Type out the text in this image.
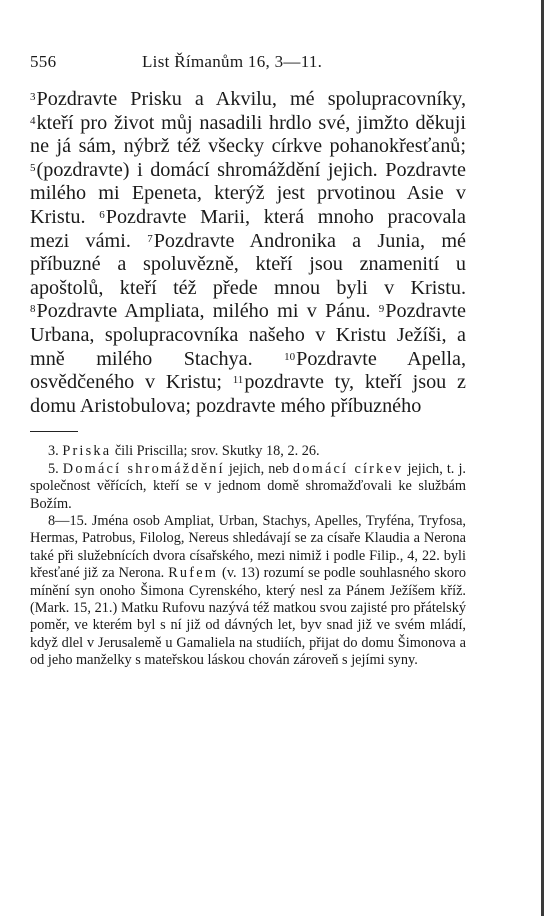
556	List Římanům 16, 3—11.

$^3$Pozdravte Prisku a Akvilu, mé spolupracovníky, $^4$kteří pro život můj nasadili hrdlo své, jimžto děkuji ne já sám, nýbrž též všecky církve pohanokřesťanů; $^5$(pozdravte) i domácí shromáždění jejich. Pozdravte milého mi Epeneta, kterýž jest prvotinou Asie v Kristu. $^6$Pozdravte Marii, která mnoho pracovala mezi vámi. $^7$Pozdravte Andronika a Junia, mé příbuzné a spoluvězně, kteří jsou znamenití u apoštolů, kteří též přede mnou byli v Kristu. $^8$Pozdravte Ampliata, milého mi v Pánu. $^9$Pozdravte Urbana, spolupracovníka našeho v Kristu Ježíši, a mně milého Stachya. $^{10}$Pozdravte Apella, osvědčeného v Kristu; $^{11}$pozdravte ty, kteří jsou z domu Aristobulova; pozdravte mého příbuzného

3. Priska čili Priscilla; srov. Skutky 18, 2. 26.

5. Domácí shromáždění jejich, neb domácí církev jejich, t. j. společnost věřících, kteří se v jednom domě shromažďovali ke službám Božím.

8—15. Jména osob Ampliat, Urban, Stachys, Apelles, Tryféna, Tryfosa, Hermas, Patrobus, Filolog, Nereus shledávají se za císaře Klaudia a Nerona také při služebnících dvora císařského, mezi nimiž i podle Filip., 4, 22. byli křesťané již za Nerona. Rufem (v. 13) rozumí se podle souhlasného skoro mínění syn onoho Šimona Cyrenského, který nesl za Pánem Ježíšem kříž. (Mark. 15, 21.) Matku Rufovu nazývá též matkou svou zajisté pro přátelský poměr, ve kterém byl s ní již od dávných let, byv snad již ve svém mládí, když dlel v Jerusalemě u Gamaliela na studiích, přijat do domu Šimonova a od jeho manželky s mateřskou láskou chován zároveň s jejími syny.
